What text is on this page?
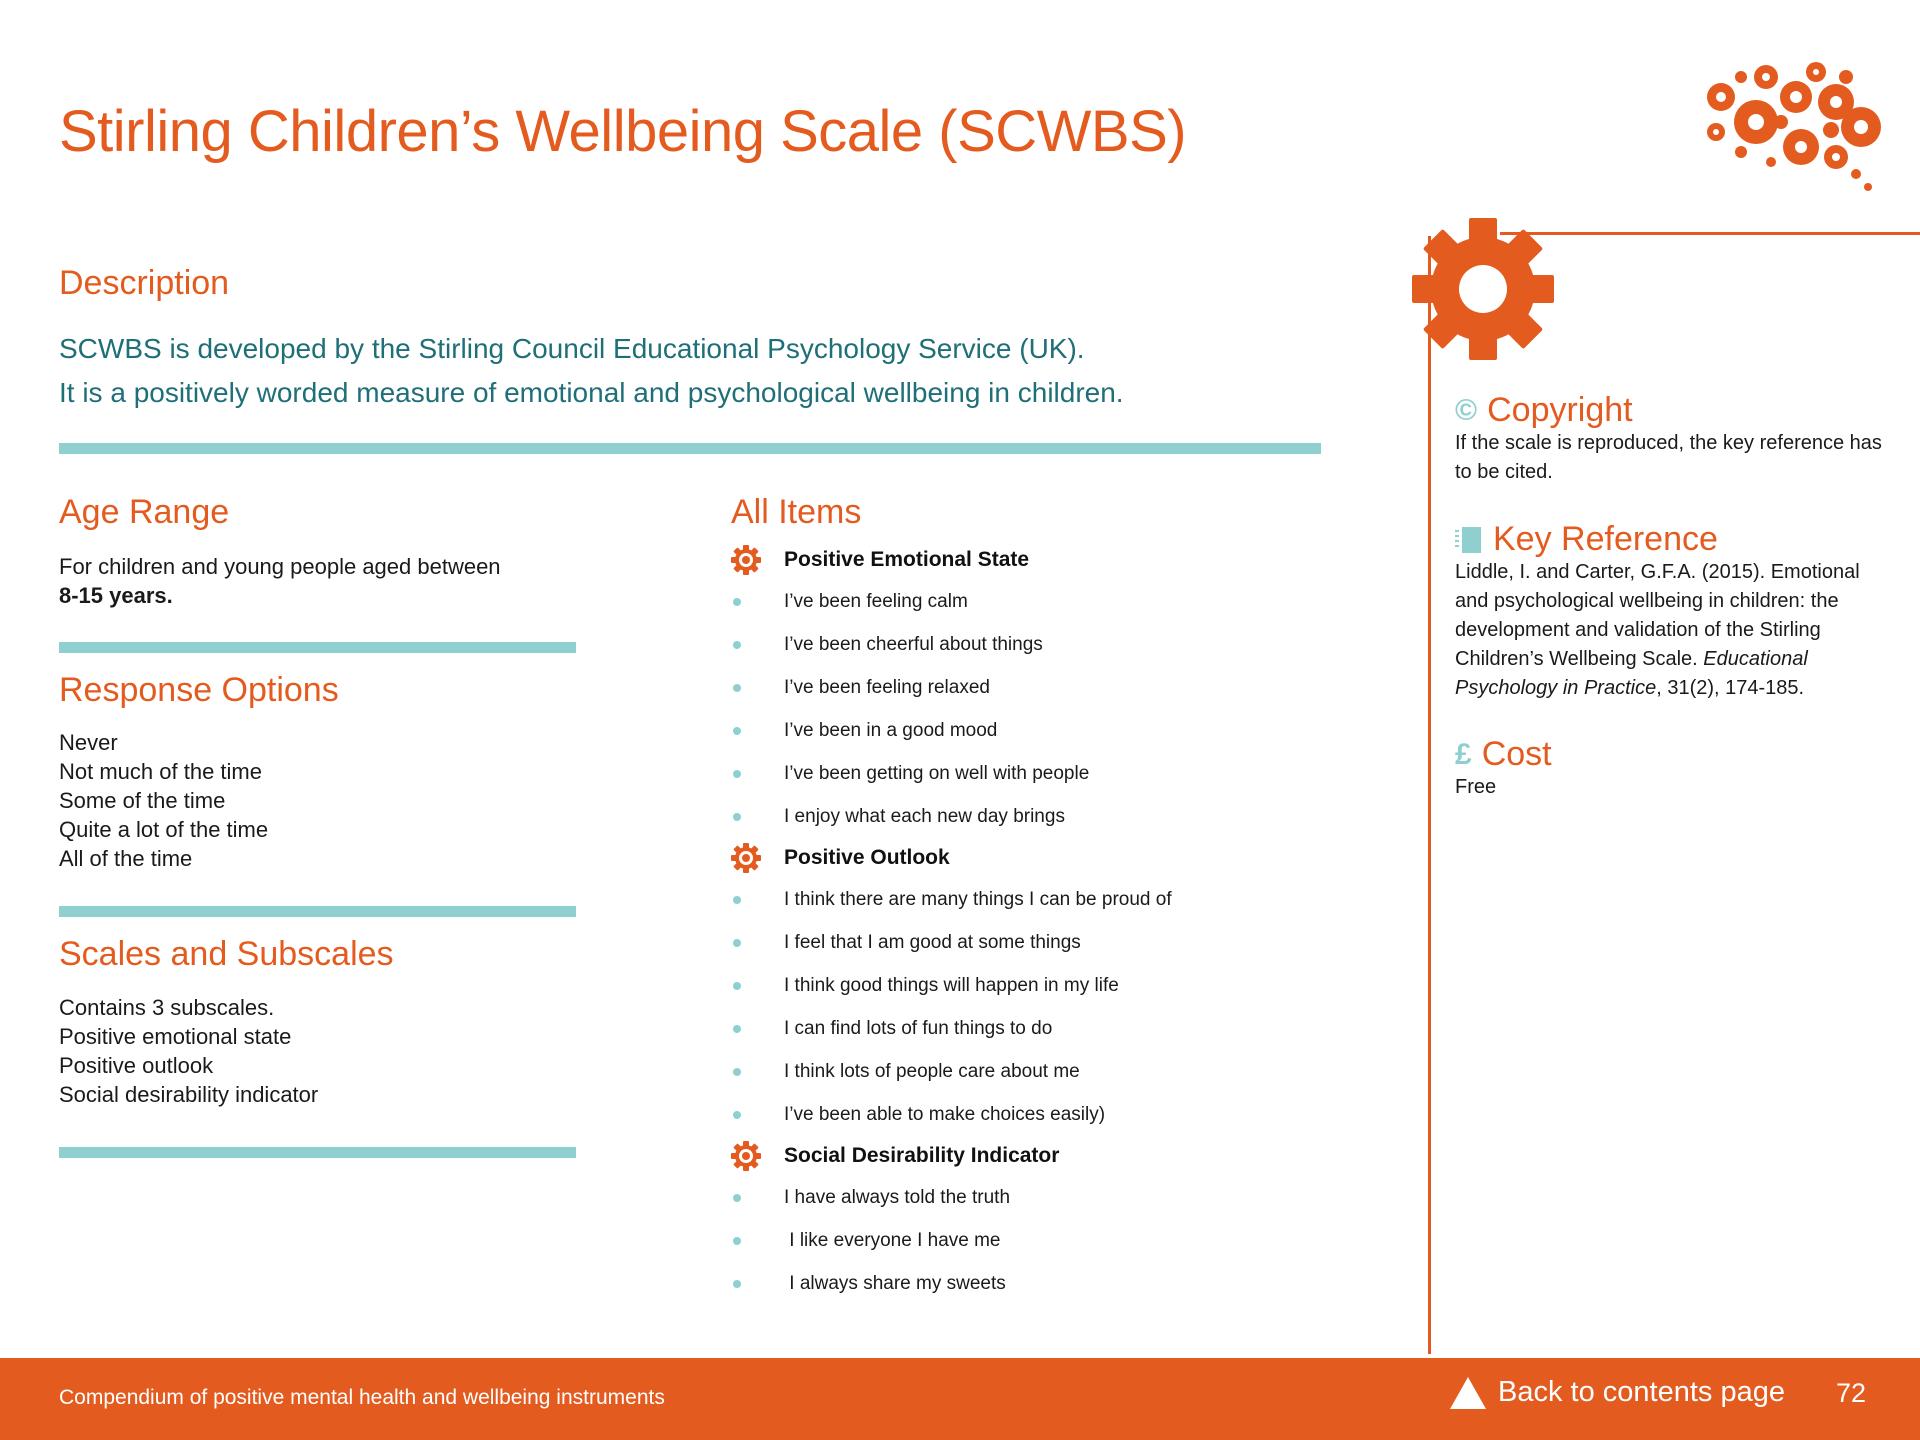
Stirling Children’s Wellbeing Scale (SCWBS)
Description
SCWBS is developed by the Stirling Council Educational Psychology Service (UK).
It is a positively worded measure of emotional and psychological wellbeing in children.
Age Range
For children and young people aged between
8-15 years.
Response Options
Never
Not much of the time
Some of the time
Quite a lot of the time
All of the time
Scales and Subscales
Contains 3 subscales.
Positive emotional state
Positive outlook
Social desirability indicator
All Items
Positive Emotional State
I’ve been feeling calm
I’ve been cheerful about things
I’ve been feeling relaxed
I’ve been in a good mood
I’ve been getting on well with people
I enjoy what each new day brings
Positive Outlook
I think there are many things I can be proud of
I feel that I am good at some things
I think good things will happen in my life
I can find lots of fun things to do
I think lots of people care about me
I’ve been able to make choices easily)
Social Desirability Indicator
I have always told the truth
I like everyone I have me
I always share my sweets
© Copyright
If the scale is reproduced, the key reference has to be cited.
Key Reference
Liddle, I. and Carter, G.F.A. (2015). Emotional and psychological wellbeing in children: the development and validation of the Stirling Children’s Wellbeing Scale. Educational Psychology in Practice, 31(2), 174-185.
£ Cost
Free
Compendium of positive mental health and wellbeing instruments	Back to contents page 72
